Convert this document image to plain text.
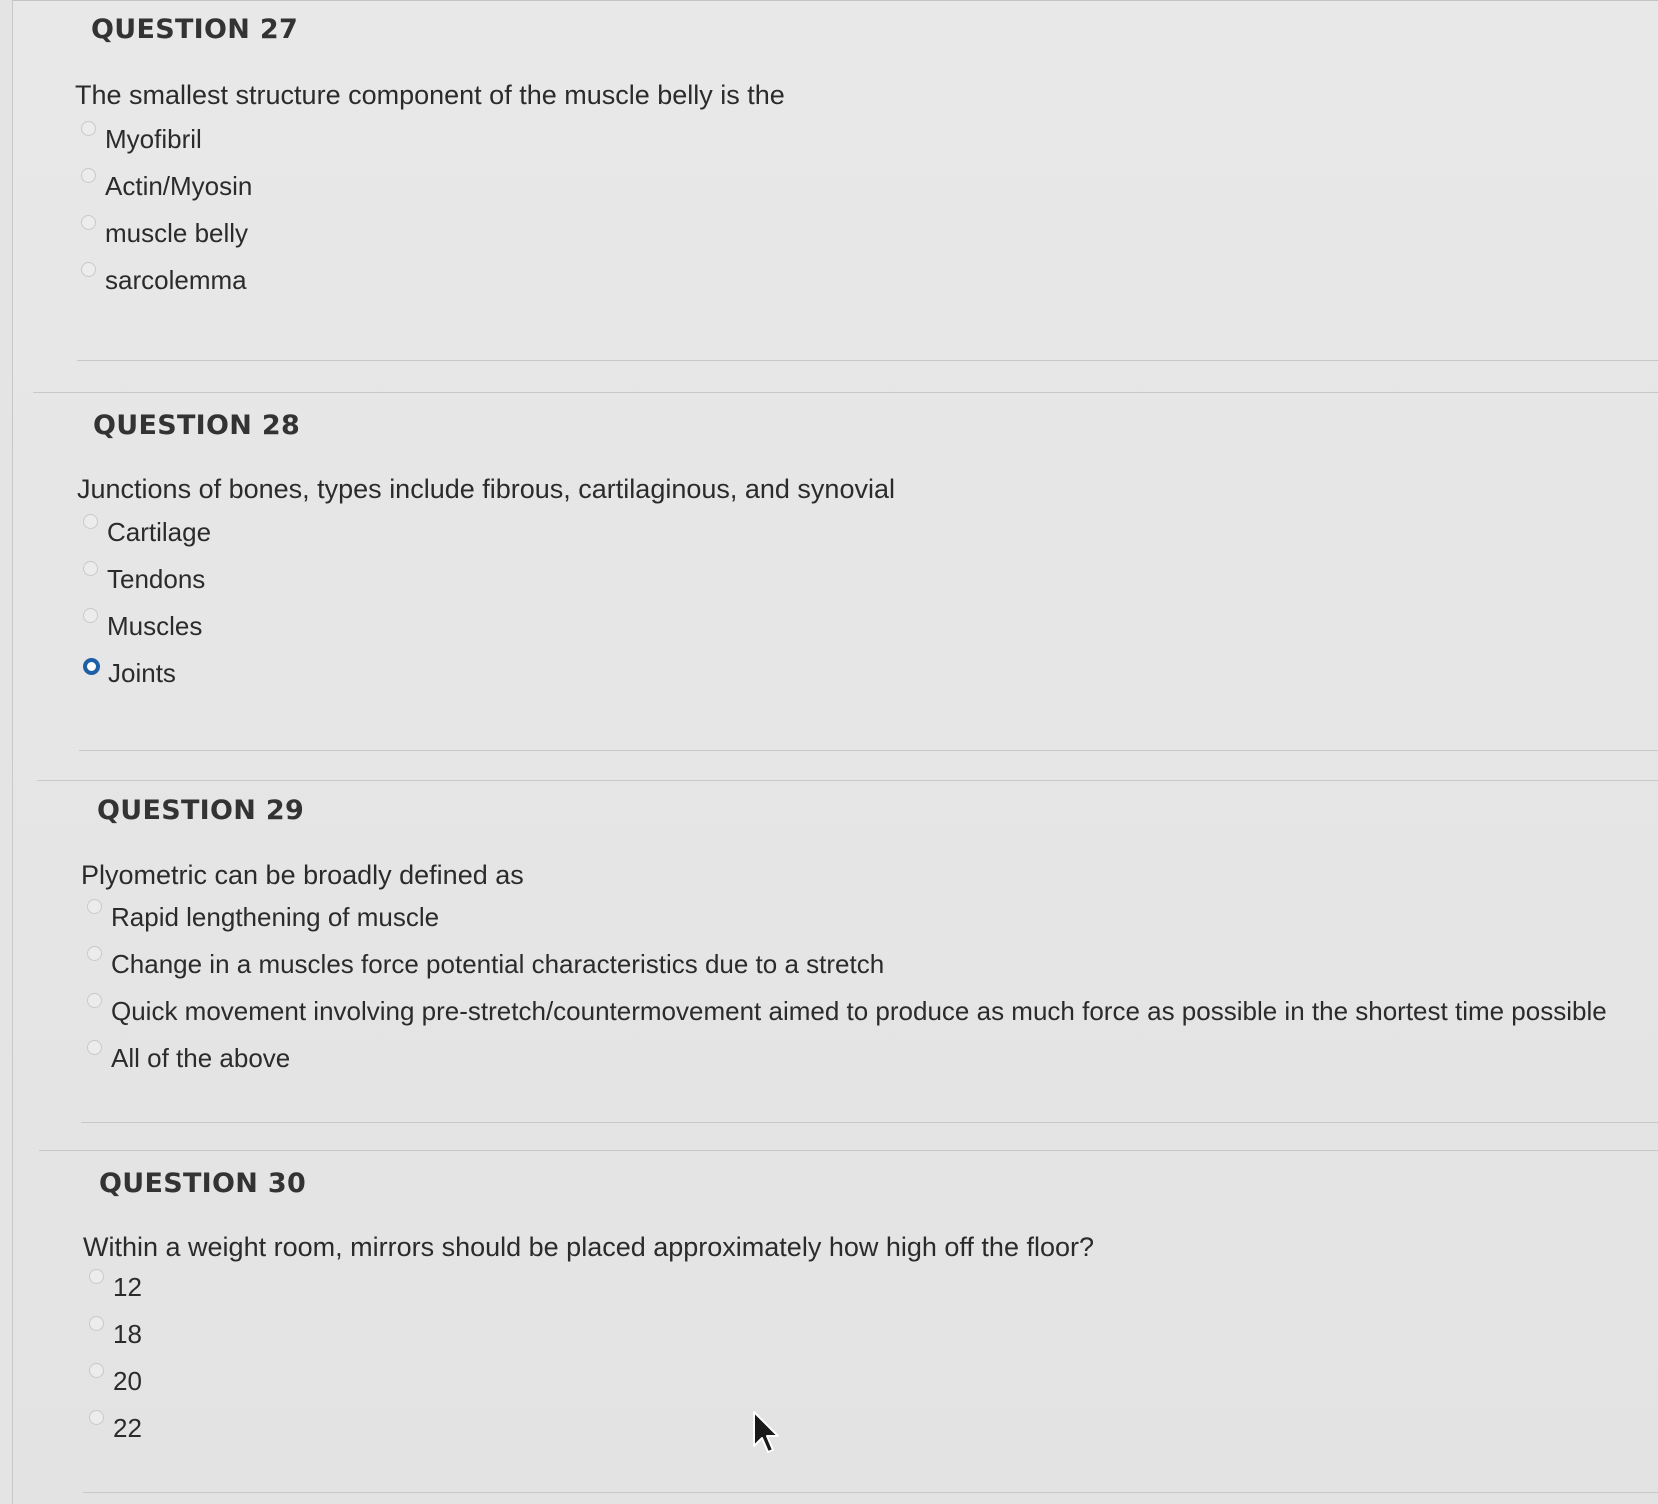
QUESTION 27

The smallest structure component of the muscle belly is the

Myofibril
Actin/Myosin
muscle belly
sarcolemma
QUESTION 28

Junctions of bones, types include fibrous, cartilaginous, and synovial

Cartilage
Tendons
Muscles
Joints
QUESTION 29

Plyometric can be broadly defined as

Rapid lengthening of muscle
Change in a muscles force potential characteristics due to a stretch
Quick movement involving pre-stretch/countermovement aimed to produce as much force as possible in the shortest time possible
All of the above
QUESTION 30

Within a weight room, mirrors should be placed approximately how high off the floor?

12
18
20
22
